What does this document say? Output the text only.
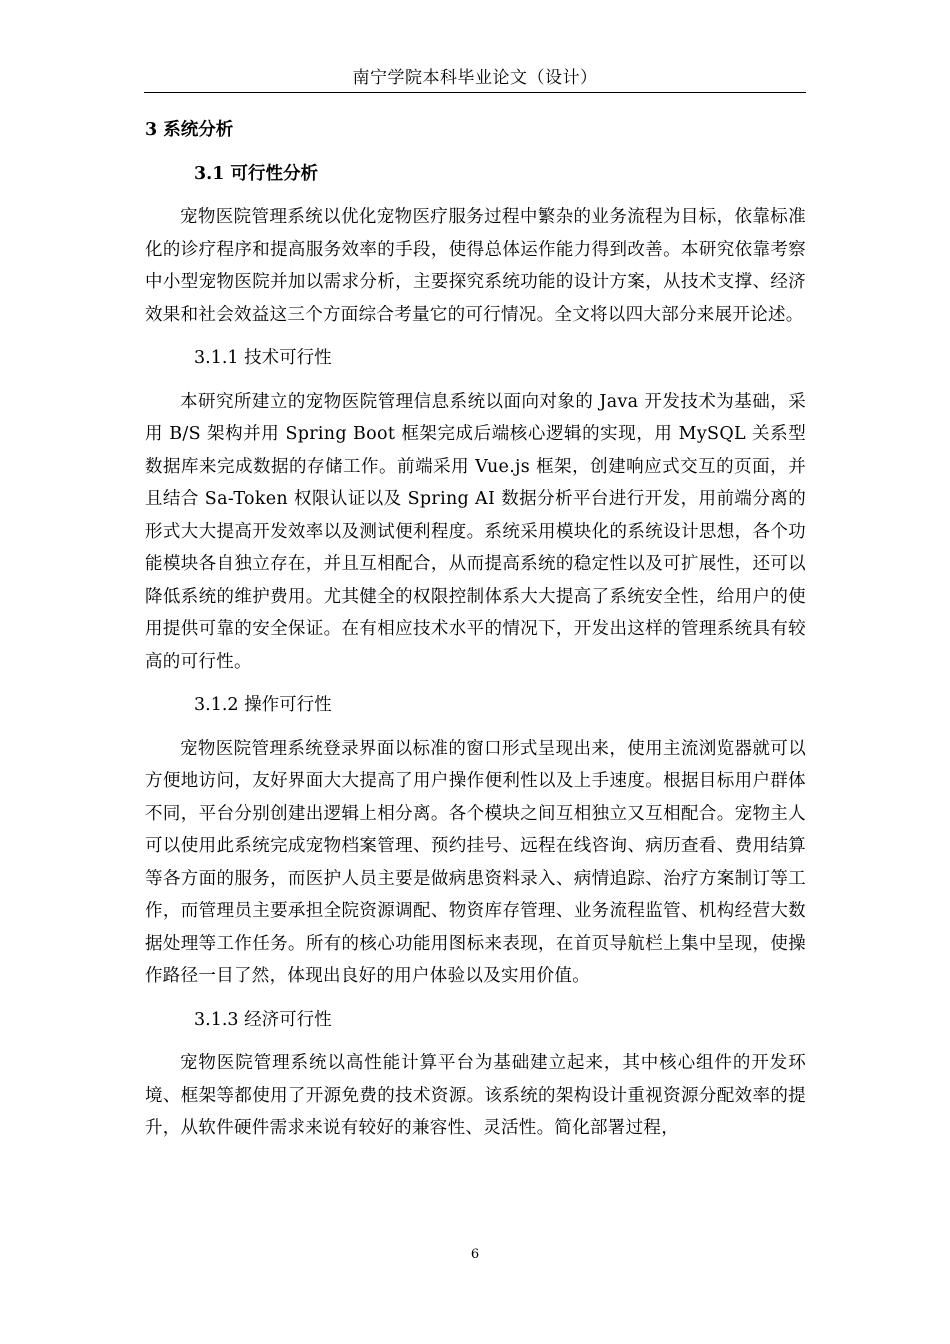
南宁学院本科毕业论文（设计）

3 系统分析

3.1 可行性分析

宠物医院管理系统以优化宠物医疗服务过程中繁杂的业务流程为目标，依靠标准化的诊疗程序和提高服务效率的手段，使得总体运作能力得到改善。本研究依靠考察中小型宠物医院并加以需求分析，主要探究系统功能的设计方案，从技术支撑、经济效果和社会效益这三个方面综合考量它的可行情况。全文将以四大部分来展开论述。

3.1.1 技术可行性

本研究所建立的宠物医院管理信息系统以面向对象的 Java 开发技术为基础，采用 B/S 架构并用 Spring Boot 框架完成后端核心逻辑的实现，用 MySQL 关系型数据库来完成数据的存储工作。前端采用 Vue.js 框架，创建响应式交互的页面，并且结合 Sa-Token 权限认证以及 Spring AI 数据分析平台进行开发，用前端分离的形式大大提高开发效率以及测试便利程度。系统采用模块化的系统设计思想，各个功能模块各自独立存在，并且互相配合，从而提高系统的稳定性以及可扩展性，还可以降低系统的维护费用。尤其健全的权限控制体系大大提高了系统安全性，给用户的使用提供可靠的安全保证。在有相应技术水平的情况下，开发出这样的管理系统具有较高的可行性。

3.1.2 操作可行性

宠物医院管理系统登录界面以标准的窗口形式呈现出来，使用主流浏览器就可以方便地访问，友好界面大大提高了用户操作便利性以及上手速度。根据目标用户群体不同，平台分别创建出逻辑上相分离。各个模块之间互相独立又互相配合。宠物主人可以使用此系统完成宠物档案管理、预约挂号、远程在线咨询、病历查看、费用结算等各方面的服务，而医护人员主要是做病患资料录入、病情追踪、治疗方案制订等工作，而管理员主要承担全院资源调配、物资库存管理、业务流程监管、机构经营大数据处理等工作任务。所有的核心功能用图标来表现，在首页导航栏上集中呈现，使操作路径一目了然，体现出良好的用户体验以及实用价值。

3.1.3 经济可行性

宠物医院管理系统以高性能计算平台为基础建立起来，其中核心组件的开发环境、框架等都使用了开源免费的技术资源。该系统的架构设计重视资源分配效率的提升，从软件硬件需求来说有较好的兼容性、灵活性。简化部署过程，

6
